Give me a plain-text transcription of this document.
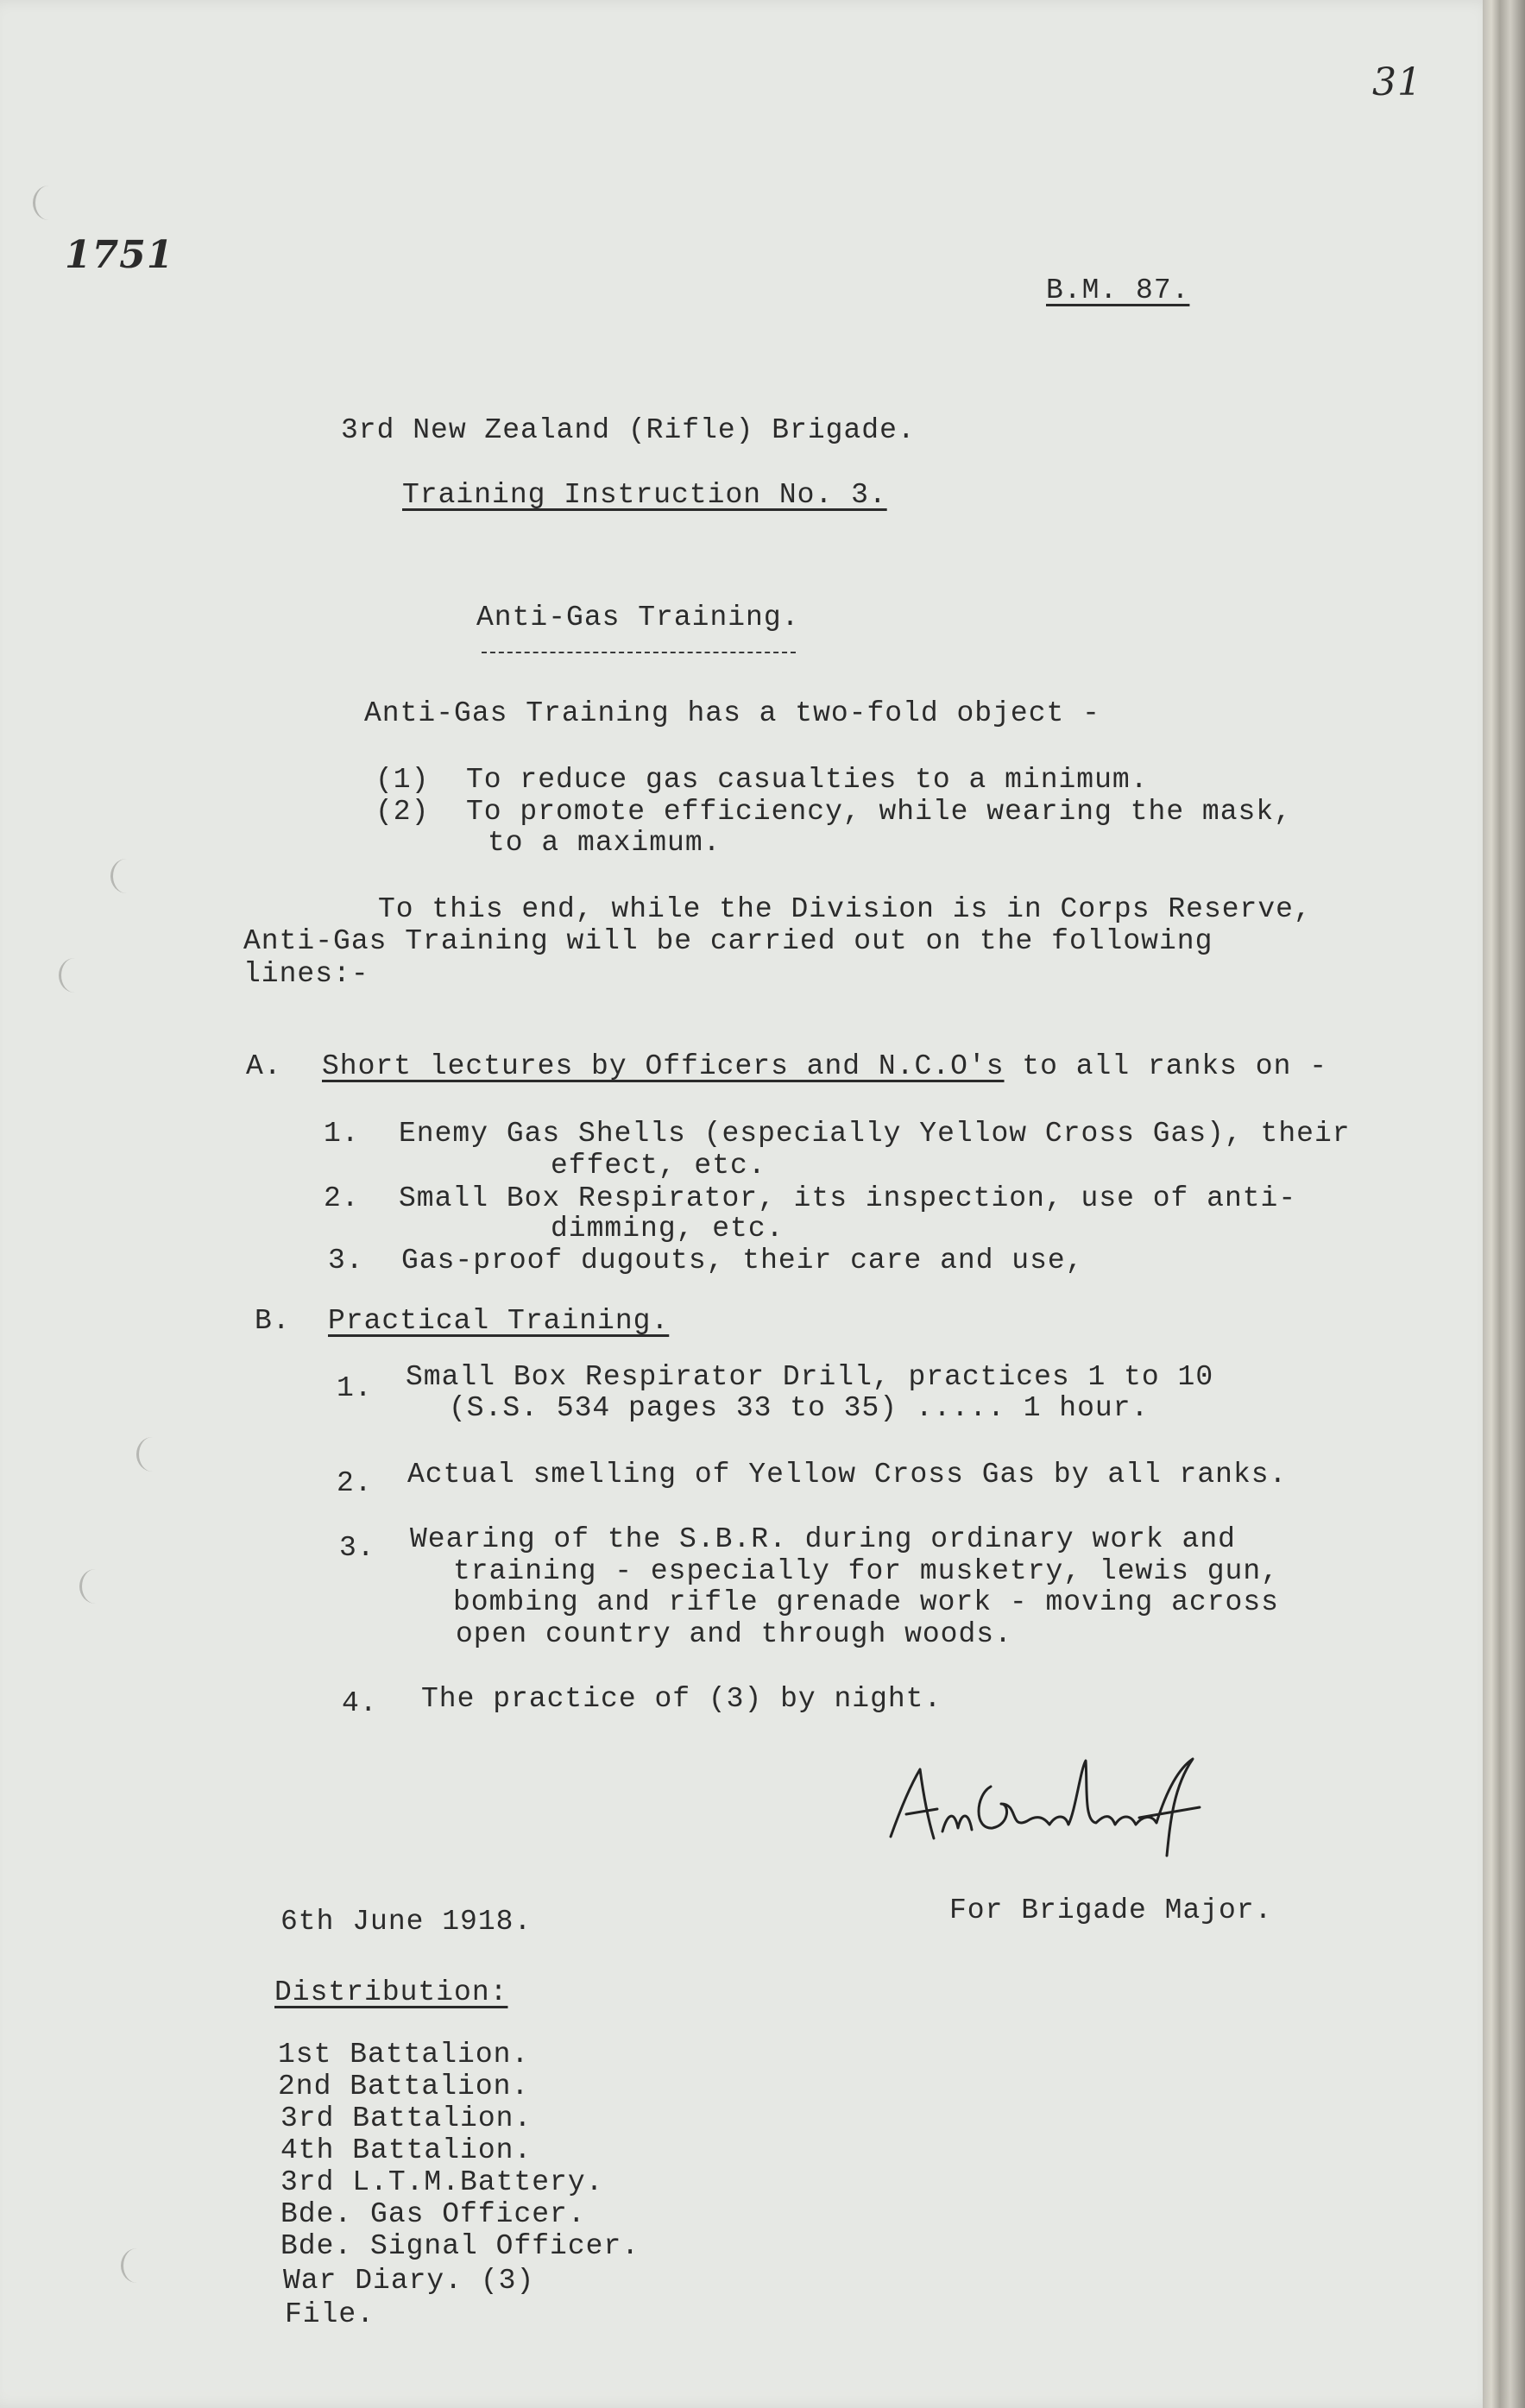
31
1751
B.M. 87.
3rd New Zealand (Rifle) Brigade.
Training Instruction No. 3.
Anti-Gas Training.
Anti-Gas Training has a two-fold object -
(1) To reduce gas casualties to a minimum.
(2) To promote efficiency, while wearing the mask,
to a maximum.
To this end, while the Division is in Corps Reserve,
Anti-Gas Training will be carried out on the following
lines:-
A. Short lectures by Officers and N.C.O's to all ranks on -
1. Enemy Gas Shells (especially Yellow Cross Gas), their
effect, etc.
2. Small Box Respirator, its inspection, use of anti-
dimming, etc.
3. Gas-proof dugouts, their care and use,
B. Practical Training.
1. Small Box Respirator Drill, practices 1 to 10
(S.S. 534 pages 33 to 35) ..... 1 hour.
2. Actual smelling of Yellow Cross Gas by all ranks.
3. Wearing of the S.B.R. during ordinary work and
training - especially for musketry, lewis gun,
bombing and rifle grenade work - moving across
open country and through woods.
4. The practice of (3) by night.
6th June 1918.	For Brigade Major.
Distribution:
1st Battalion.
2nd Battalion.
3rd Battalion.
4th Battalion.
3rd L.T.M.Battery.
Bde. Gas Officer.
Bde. Signal Officer.
War Diary. (3)
File.
